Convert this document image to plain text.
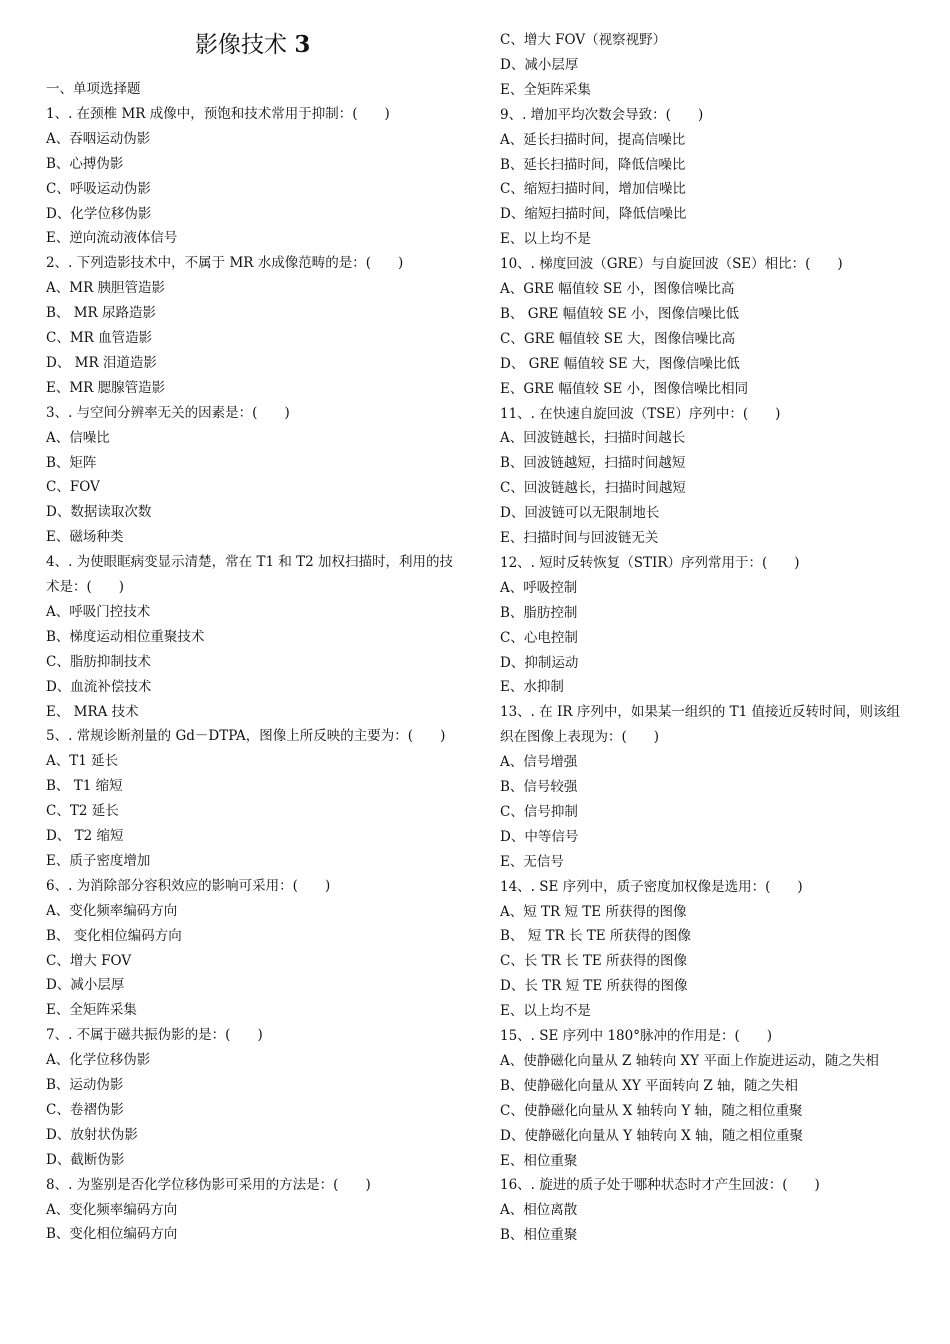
影像技术 3
一、单项选择题
1、. 在颈椎 MR 成像中，预饱和技术常用于抑制：(　　)
A、吞咽运动伪影
B、心搏伪影
C、呼吸运动伪影
D、化学位移伪影
E、逆向流动液体信号
2、. 下列造影技术中，不属于 MR 水成像范畴的是：(　　)
A、MR 胰胆管造影
B、 MR 尿路造影
C、MR 血管造影
D、 MR 泪道造影
E、MR 腮腺管造影
3、. 与空间分辨率无关的因素是：(　　)
A、信噪比
B、矩阵
C、FOV
D、数据读取次数
E、磁场种类
4、. 为使眼眶病变显示清楚，常在 T1 和 T2 加权扫描时，利用的技
术是：(　　)
A、呼吸门控技术
B、梯度运动相位重聚技术
C、脂肪抑制技术
D、血流补偿技术
E、 MRA 技术
5、. 常规诊断剂量的 Gd－DTPA，图像上所反映的主要为：(　　)
A、T1 延长
B、 T1 缩短
C、T2 延长
D、 T2 缩短
E、质子密度增加
6、. 为消除部分容积效应的影响可采用：(　　)
A、变化频率编码方向
B、 变化相位编码方向
C、增大 FOV
D、减小层厚
E、全矩阵采集
7、. 不属于磁共振伪影的是：(　　)
A、化学位移伪影
B、运动伪影
C、卷褶伪影
D、放射状伪影
D、截断伪影
8、. 为鉴别是否化学位移伪影可采用的方法是：(　　)
A、变化频率编码方向
B、变化相位编码方向
C、增大 FOV（视察视野）
D、减小层厚
E、全矩阵采集
9、. 增加平均次数会导致：(　　)
A、延长扫描时间，提高信噪比
B、延长扫描时间，降低信噪比
C、缩短扫描时间，增加信噪比
D、缩短扫描时间，降低信噪比
E、以上均不是
10、. 梯度回波（GRE）与自旋回波（SE）相比：(　　)
A、GRE 幅值较 SE 小，图像信噪比高
B、 GRE 幅值较 SE 小，图像信噪比低
C、GRE 幅值较 SE 大，图像信噪比高
D、 GRE 幅值较 SE 大，图像信噪比低
E、GRE 幅值较 SE 小，图像信噪比相同
11、. 在快速自旋回波（TSE）序列中：(　　)
A、回波链越长，扫描时间越长
B、回波链越短，扫描时间越短
C、回波链越长，扫描时间越短
D、回波链可以无限制地长
E、扫描时间与回波链无关
12、. 短时反转恢复（STIR）序列常用于：(　　)
A、呼吸控制
B、脂肪控制
C、心电控制
D、抑制运动
E、水抑制
13、. 在 IR 序列中，如果某一组织的 T1 值接近反转时间，则该组
织在图像上表现为：(　　)
A、信号增强
B、信号较强
C、信号抑制
D、中等信号
E、无信号
14、. SE 序列中，质子密度加权像是选用：(　　)
A、短 TR 短 TE 所获得的图像
B、 短 TR 长 TE 所获得的图像
C、长 TR 长 TE 所获得的图像
D、长 TR 短 TE 所获得的图像
E、以上均不是
15、. SE 序列中 180°脉冲的作用是：(　　)
A、使静磁化向量从 Z 轴转向 XY 平面上作旋进运动，随之失相
B、使静磁化向量从 XY 平面转向 Z 轴，随之失相
C、使静磁化向量从 X 轴转向 Y 轴，随之相位重聚
D、使静磁化向量从 Y 轴转向 X 轴，随之相位重聚
E、相位重聚
16、. 旋进的质子处于哪种状态时才产生回波：(　　)
A、相位离散
B、相位重聚
